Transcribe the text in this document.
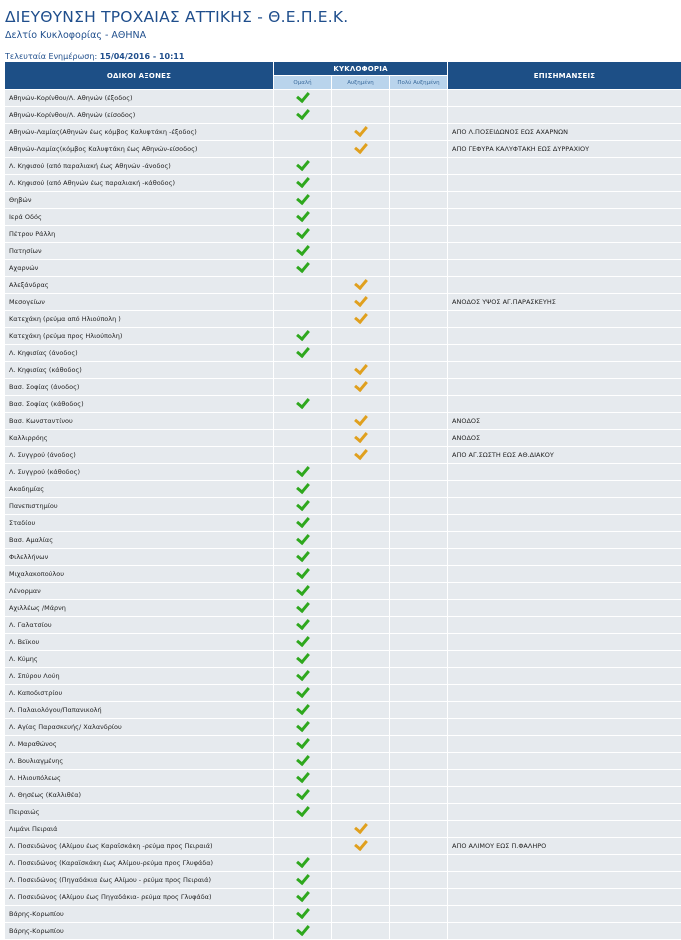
ΔΙΕΥΘΥΝΣΗ ΤΡΟΧΑΙΑΣ ΑΤΤΙΚΗΣ - Θ.Ε.Π.Ε.Κ.
Δελτίο Κυκλοφορίας - ΑΘΗΝΑ
Τελευταία Ενημέρωση: 15/04/2016 - 10:11
ΟΔΙΚΟΙ ΑΞΟΝΕΣ	ΚΥΚΛΟΦΟΡΙΑ			ΕΠΙΣΗΜΑΝΣΕΙΣ

	Ομαλή	Αυξημένη	Πολύ Αυξημένη	
Αθηνών-Κορίνθου/Λ. Αθηνών (έξοδος)				
Αθηνών-Κορίνθου/Λ. Αθηνών (είσοδος)				
Αθηνών-Λαμίας(Αθηνών έως κόμβος Καλυφτάκη -έξοδος)				ΑΠΟ Λ.ΠΟΣΕΙΔΩΝΟΣ ΕΩΣ ΑΧΑΡΝΩΝ
Αθηνών-Λαμίας(κόμβος Καλυφτάκη έως Αθηνών-είσοδος)				ΑΠΟ ΓΕΦΥΡΑ ΚΑΛΥΦΤΑΚΗ ΕΩΣ ΔΥΡΡΑΧΙΟΥ
Λ. Κηφισού (από παραλιακή έως Αθηνών -άνοδος)				
Λ. Κηφισού (από Αθηνών έως παραλιακή -κάθοδος)				
Θηβών				
Ιερά Οδός				
Πέτρου Ράλλη				
Πατησίων				
Αχαρνών				
Αλεξάνδρας				
Μεσογείων				ΑΝΟΔΟΣ ΥΨΟΣ ΑΓ.ΠΑΡΑΣΚΕΥΗΣ
Κατεχάκη (ρεύμα από Ηλιούπολη )				
Κατεχάκη (ρεύμα προς Ηλιούπολη)				
Λ. Κηφισίας (άνοδος)				
Λ. Κηφισίας (κάθοδος)				
Βασ. Σοφίας (άνοδος)				
Βασ. Σοφίας (κάθοδος)				
Βασ. Κωνσταντίνου				ΑΝΟΔΟΣ
Καλλιρρόης				ΑΝΟΔΟΣ
Λ. Συγγρού (άνοδος)				ΑΠΟ ΑΓ.ΣΩΣΤΗ ΕΩΣ ΑΘ.ΔΙΑΚΟΥ
Λ. Συγγρού (κάθοδος)				
Ακαδημίας				
Πανεπιστημίου				
Σταδίου				
Βασ. Αμαλίας				
Φιλελλήνων				
Μιχαλακοπούλου				
Λένορμαν				
Αχιλλέως /Μάρνη				
Λ. Γαλατσίου				
Λ. Βεϊκου				
Λ. Κύμης				
Λ. Σπύρου Λούη				
Λ. Καποδιστρίου				
Λ. Παλαιολόγου/Παπανικολή				
Λ. Αγίας Παρασκευής/ Χαλανδρίου				
Λ. Μαραθώνος				
Λ. Βουλιαγμένης				
Λ. Ηλιουπόλεως				
Λ. Θησέως (Καλλιθέα)				
Πειραιώς				
Λιμάνι Πειραιά				
Λ. Ποσειδώνος (Αλίμου έως Καραϊσκάκη -ρεύμα προς Πειραιά)				ΑΠΟ ΑΛΙΜΟΥ ΕΩΣ Π.ΦΑΛΗΡΟ
Λ. Ποσειδώνος (Καραϊσκάκη έως Αλίμου-ρεύμα προς Γλυφάδα)				
Λ. Ποσειδώνος (Πηγαδάκια έως Αλίμου - ρεύμα προς Πειραιά)				
Λ. Ποσειδώνος (Αλίμου έως Πηγαδάκια- ρεύμα προς Γλυφάδα)				
Βάρης-Κορωπίου				
Βάρης-Κορωπίου				
